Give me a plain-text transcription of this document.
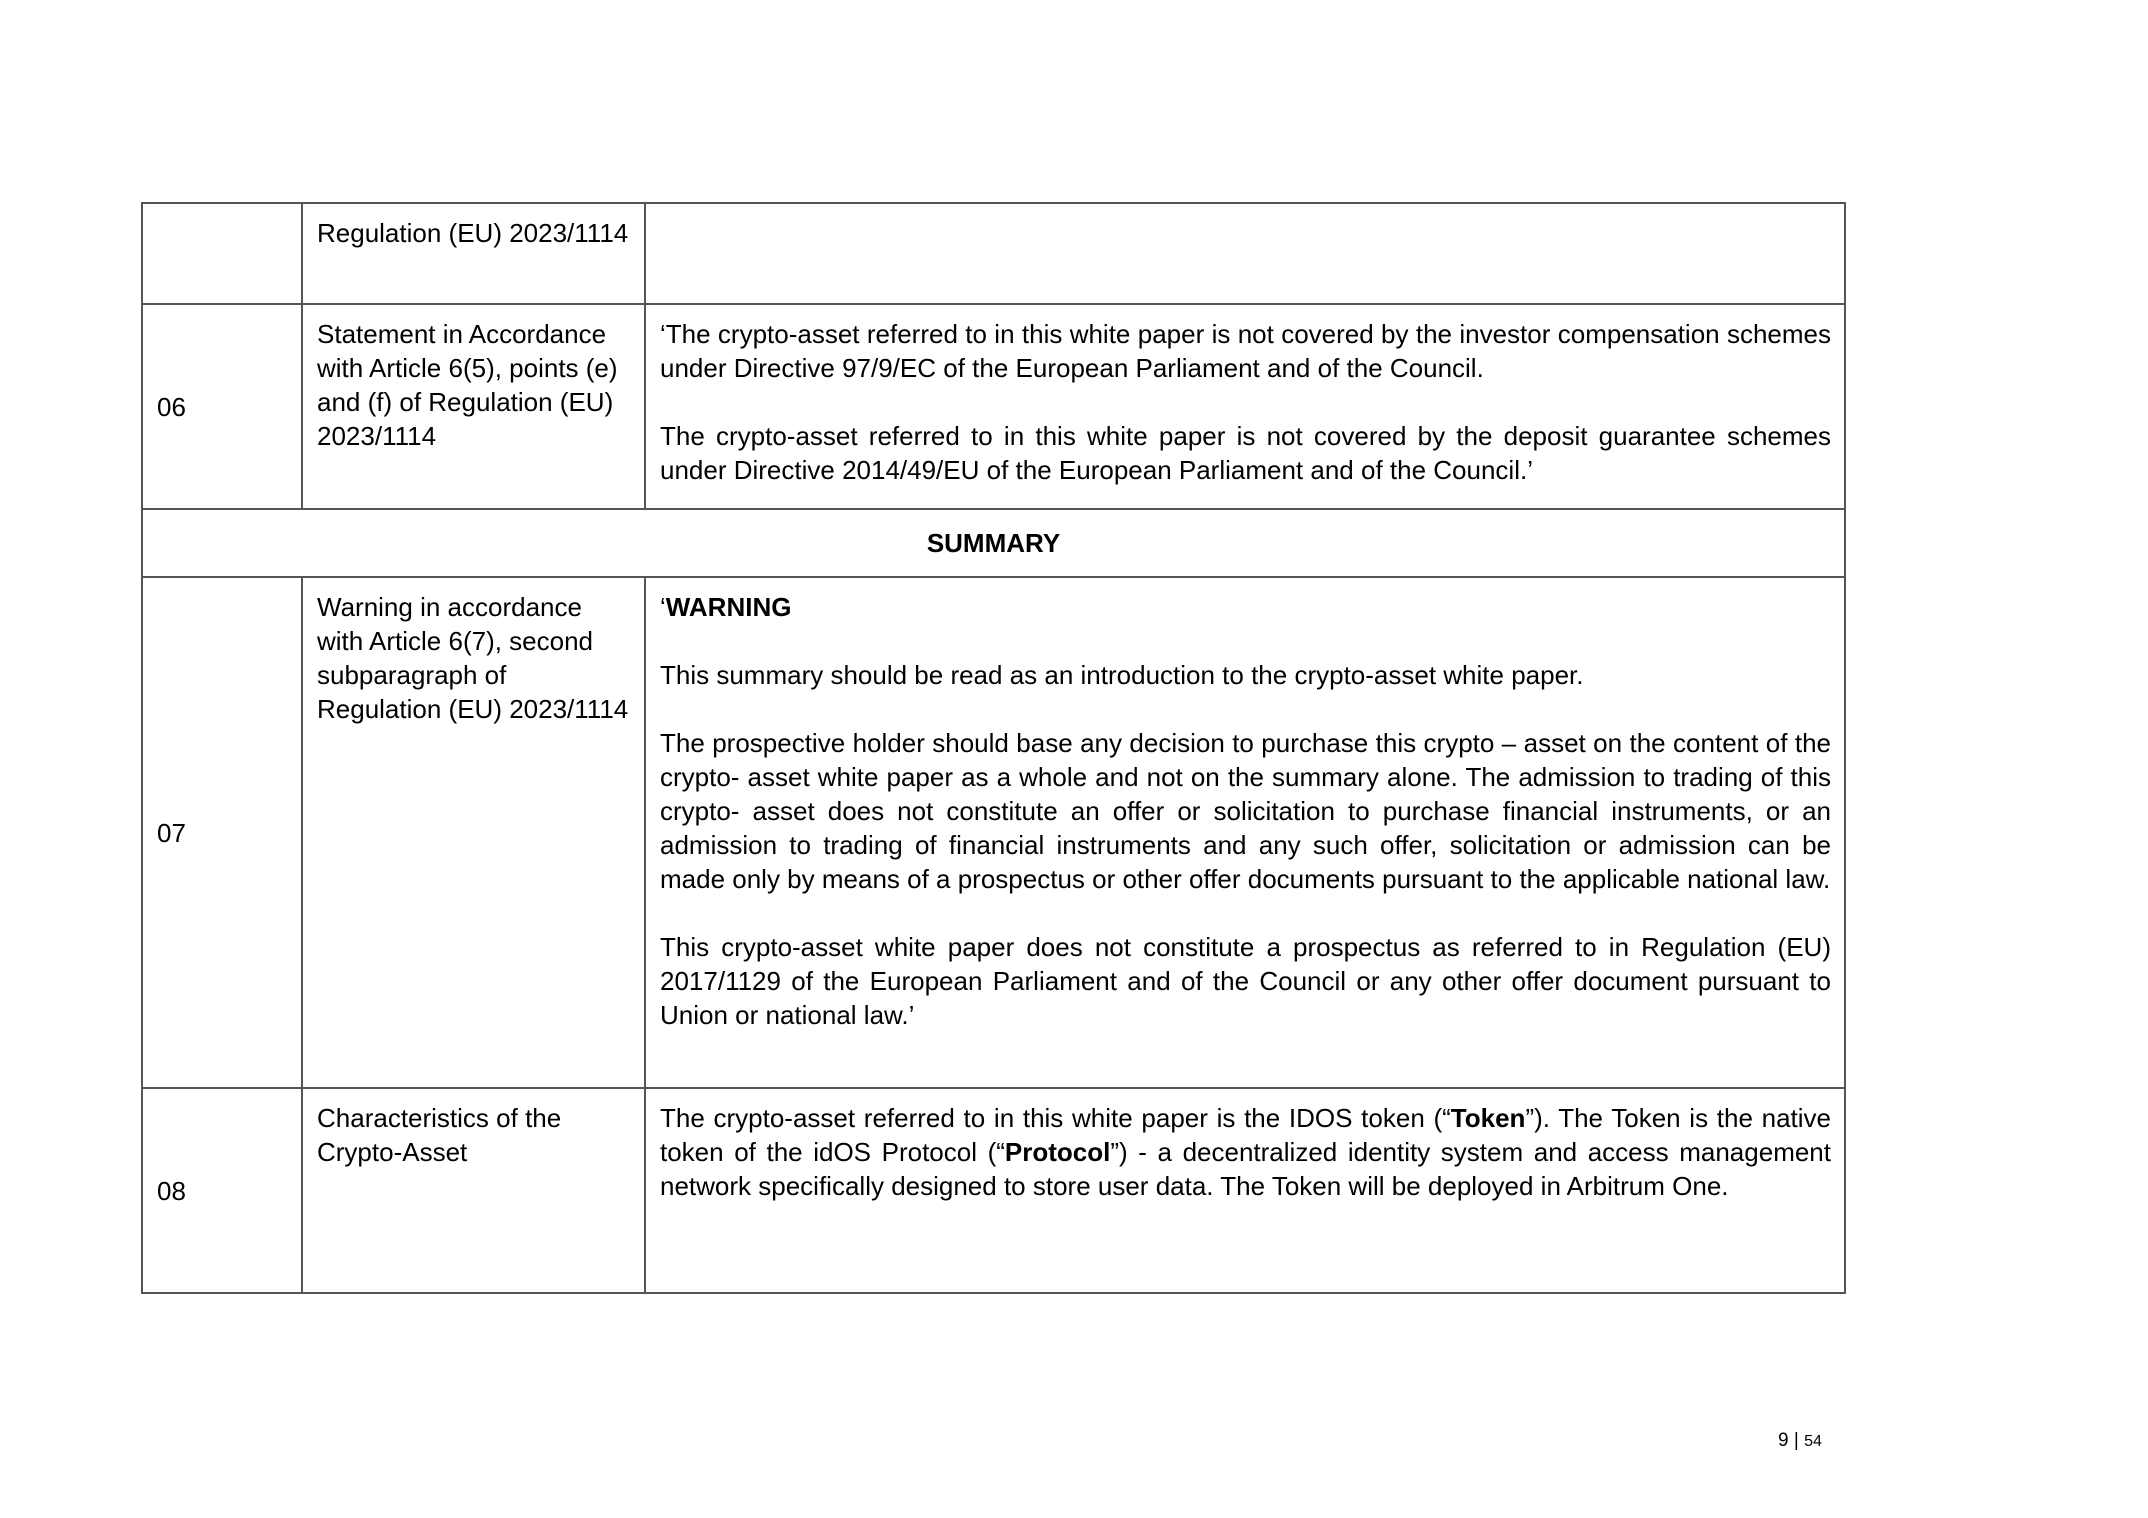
	Regulation (EU) 2023/1114	
06	Statement in Accordance with Article 6(5), points (e) and (f) of Regulation (EU) 2023/1114	‘The crypto-asset referred to in this white paper is not covered by the investor compensation schemes under Directive 97/9/EC of the European Parliament and of the Council.

The crypto-asset referred to in this white paper is not covered by the deposit guarantee schemes under Directive 2014/49/EU of the European Parliament and of the Council.’

SUMMARY		
07	Warning in accordance with Article 6(7), second subparagraph of Regulation (EU) 2023/1114	‘WARNING

This summary should be read as an introduction to the crypto-asset white paper.

The prospective holder should base any decision to purchase this crypto – asset on the content of the crypto- asset white paper as a whole and not on the summary alone. The admission to trading of this crypto- asset does not constitute an offer or solicitation to purchase financial instruments, or an admission to trading of financial instruments and any such offer, solicitation or admission can be made only by means of a prospectus or other offer documents pursuant to the applicable national law.

This crypto-asset white paper does not constitute a prospectus as referred to in Regulation (EU) 2017/1129 of the European Parliament and of the Council or any other offer document pursuant to Union or national law.’

08	Characteristics of the Crypto-Asset	The crypto-asset referred to in this white paper is the IDOS token (“Token”). The Token is the native token of the idOS Protocol (“Protocol”) - a decentralized identity system and access management network specifically designed to store user data. The Token will be deployed in Arbitrum One.

9 | 54
